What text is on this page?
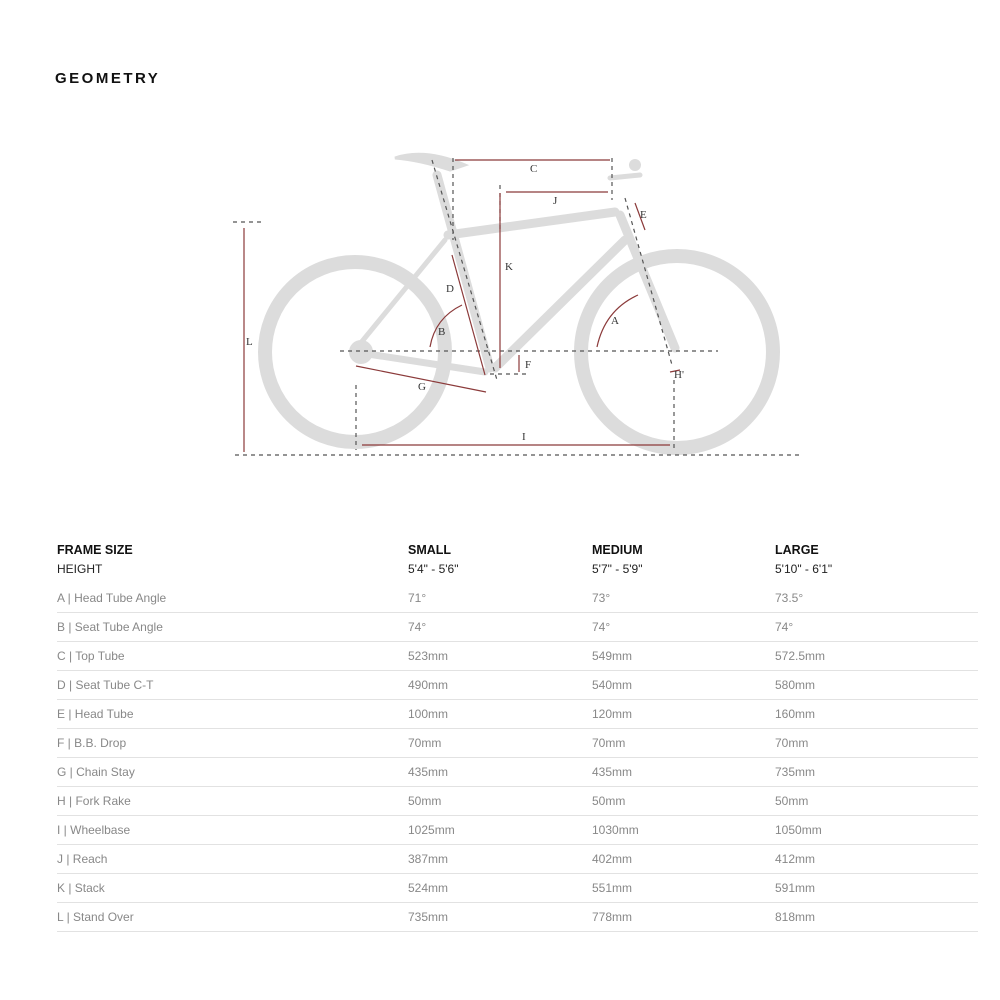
GEOMETRY
C
J
E
K
D
B
A
L
F
G
H'
I
FRAME SIZE	SMALL	MEDIUM	LARGE
HEIGHT	5'4" - 5'6"	5'7" - 5'9"	5'10" - 6'1"
A | Head Tube Angle	71°	73°	73.5°
B | Seat Tube Angle	74°	74°	74°
C | Top Tube	523mm	549mm	572.5mm
D | Seat Tube C-T	490mm	540mm	580mm
E | Head Tube	100mm	120mm	160mm
F | B.B. Drop	70mm	70mm	70mm
G | Chain Stay	435mm	435mm	735mm
H | Fork Rake	50mm	50mm	50mm
I | Wheelbase	1025mm	1030mm	1050mm
J | Reach	387mm	402mm	412mm
K | Stack	524mm	551mm	591mm
L | Stand Over	735mm	778mm	818mm
